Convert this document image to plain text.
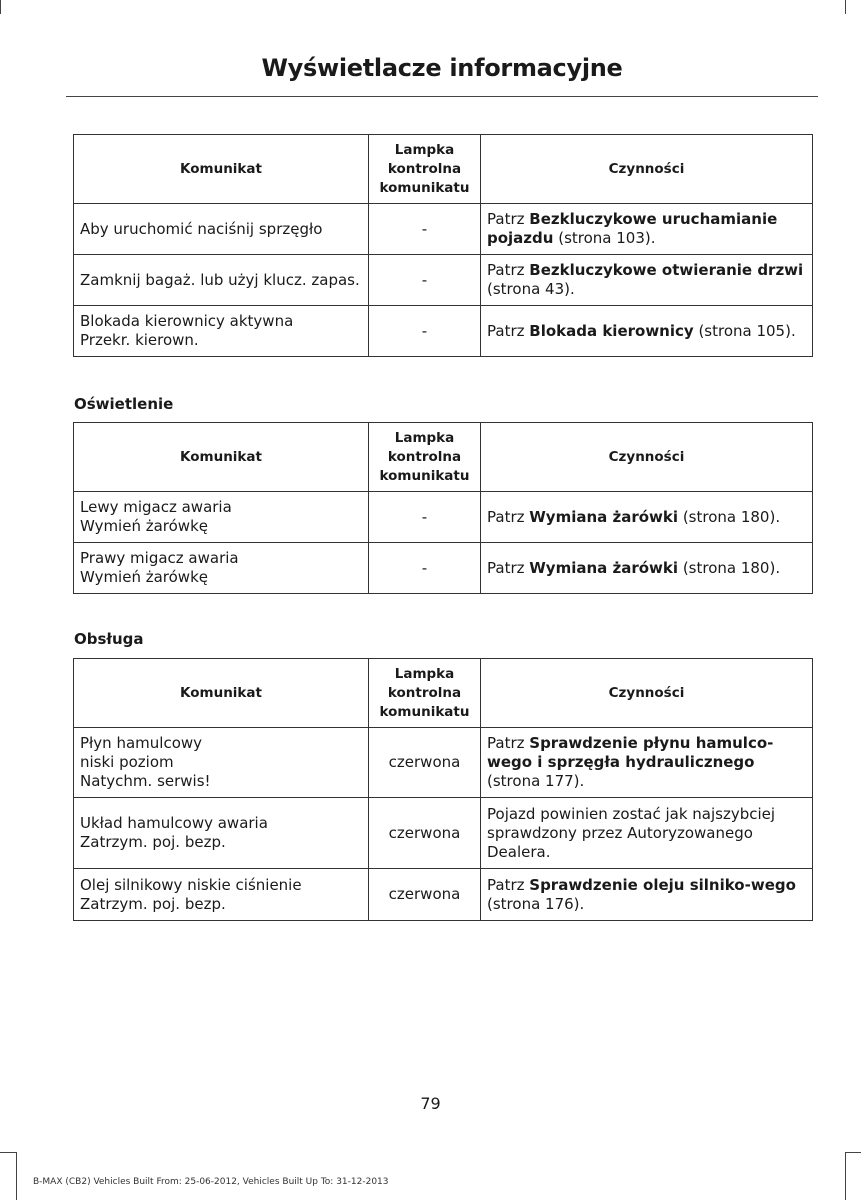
Wyświetlacze informacyjne
Komunikat	Lampka
kontrolna
komunikatu	Czynności
Aby uruchomić naciśnij sprzęgło	-	Patrz Bezkluczykowe uruchamianie pojazdu (strona 103).
Zamknij bagaż. lub użyj klucz. zapas.	-	Patrz Bezkluczykowe otwieranie drzwi (strona 43).
Blokada kierownicy aktywna
Przekr. kierown.	-	Patrz Blokada kierownicy (strona 105).
Oświetlenie
Komunikat	Lampka
kontrolna
komunikatu	Czynności
Lewy migacz awaria
Wymień żarówkę	-	Patrz Wymiana żarówki (strona 180).
Prawy migacz awaria
Wymień żarówkę	-	Patrz Wymiana żarówki (strona 180).
Obsługa
Komunikat	Lampka
kontrolna
komunikatu	Czynności
Płyn hamulcowy
niski poziom
Natychm. serwis!	czerwona	Patrz Sprawdzenie płynu hamulco-wego i sprzęgła hydraulicznego (strona 177).
Układ hamulcowy awaria
Zatrzym. poj. bezp.	czerwona	Pojazd powinien zostać jak najszybciej sprawdzony przez Autoryzowanego Dealera.
Olej silnikowy niskie ciśnienie
Zatrzym. poj. bezp.	czerwona	Patrz Sprawdzenie oleju silniko-wego (strona 176).
79
B-MAX (CB2) Vehicles Built From: 25-06-2012, Vehicles Built Up To: 31-12-2013
